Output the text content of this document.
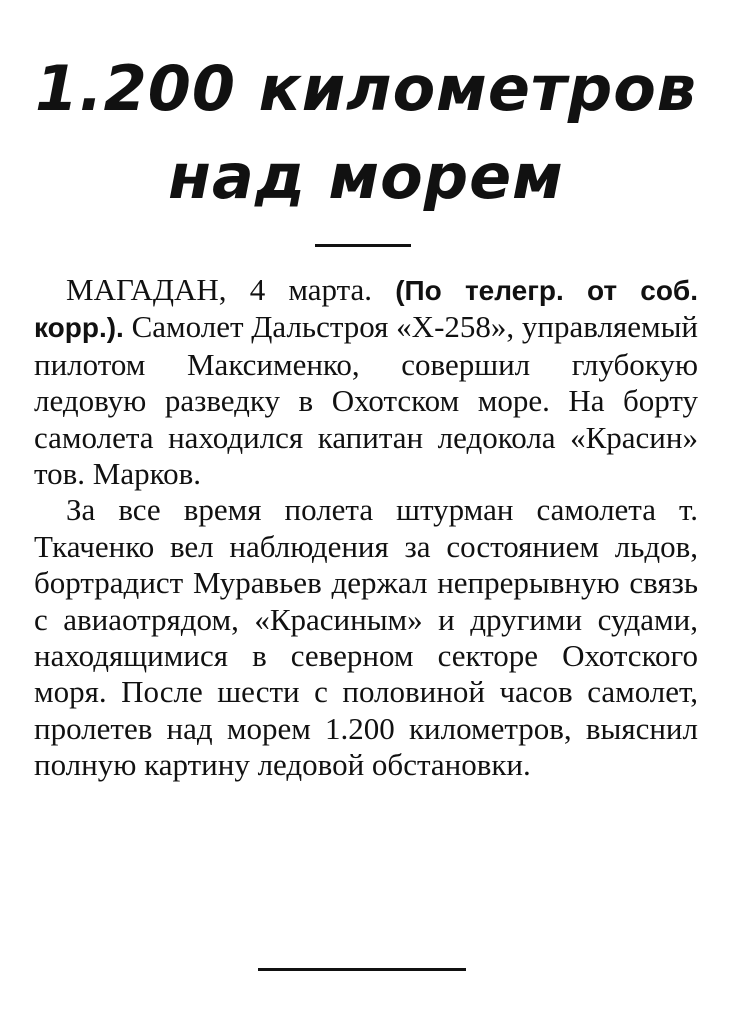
1.200 километров
над морем

МАГАДАН, 4 марта. (По телегр. от соб. корр.). Самолет Дальстроя «Х-258», управляемый пилотом Максименко, совершил глубокую ледовую разведку в Охотском море. На борту самолета находился капитан ледокола «Красин» тов. Марков.

За все время полета штурман самолета т. Ткаченко вел наблюдения за состоянием льдов, бортрадист Муравьев держал непрерывную связь с авиаотрядом, «Красиным» и другими судами, находящимися в северном секторе Охотского моря. После шести с половиной часов самолет, пролетев над морем 1.200 километров, выяснил полную картину ледовой обстановки.
